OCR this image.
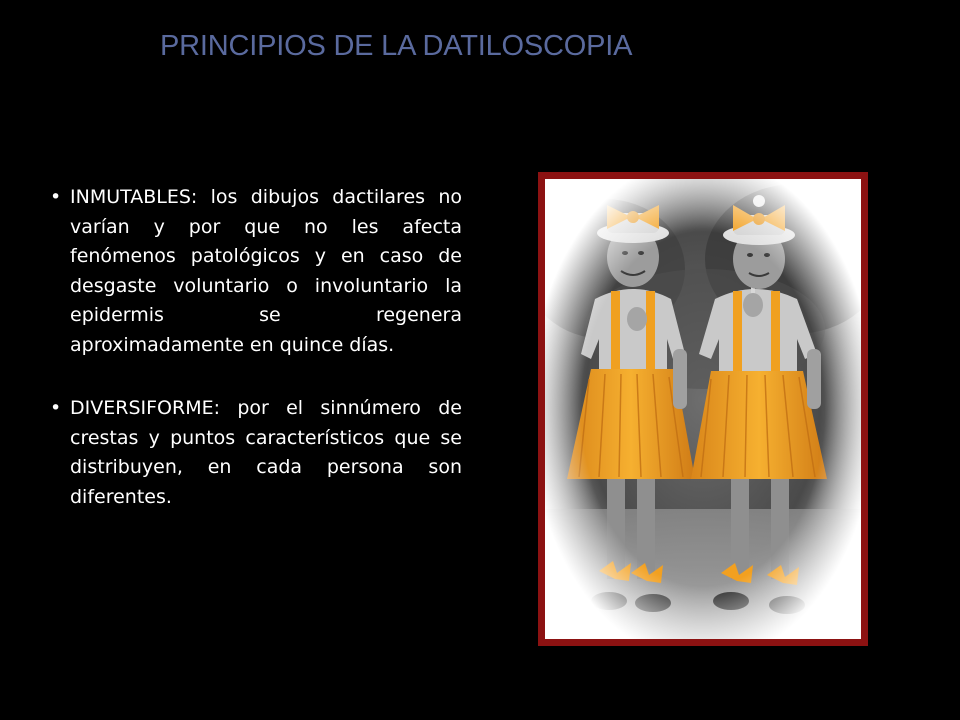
PRINCIPIOS DE LA DATILOSCOPIA
• INMUTABLES: los dibujos dactilares no varían y por que no les afecta fenómenos patológicos y en caso de desgaste voluntario o involuntario la epidermis se regenera aproximadamente en quince días.
• DIVERSIFORME: por el sinnúmero de crestas y puntos característicos que se distribuyen, en cada persona son diferentes.
